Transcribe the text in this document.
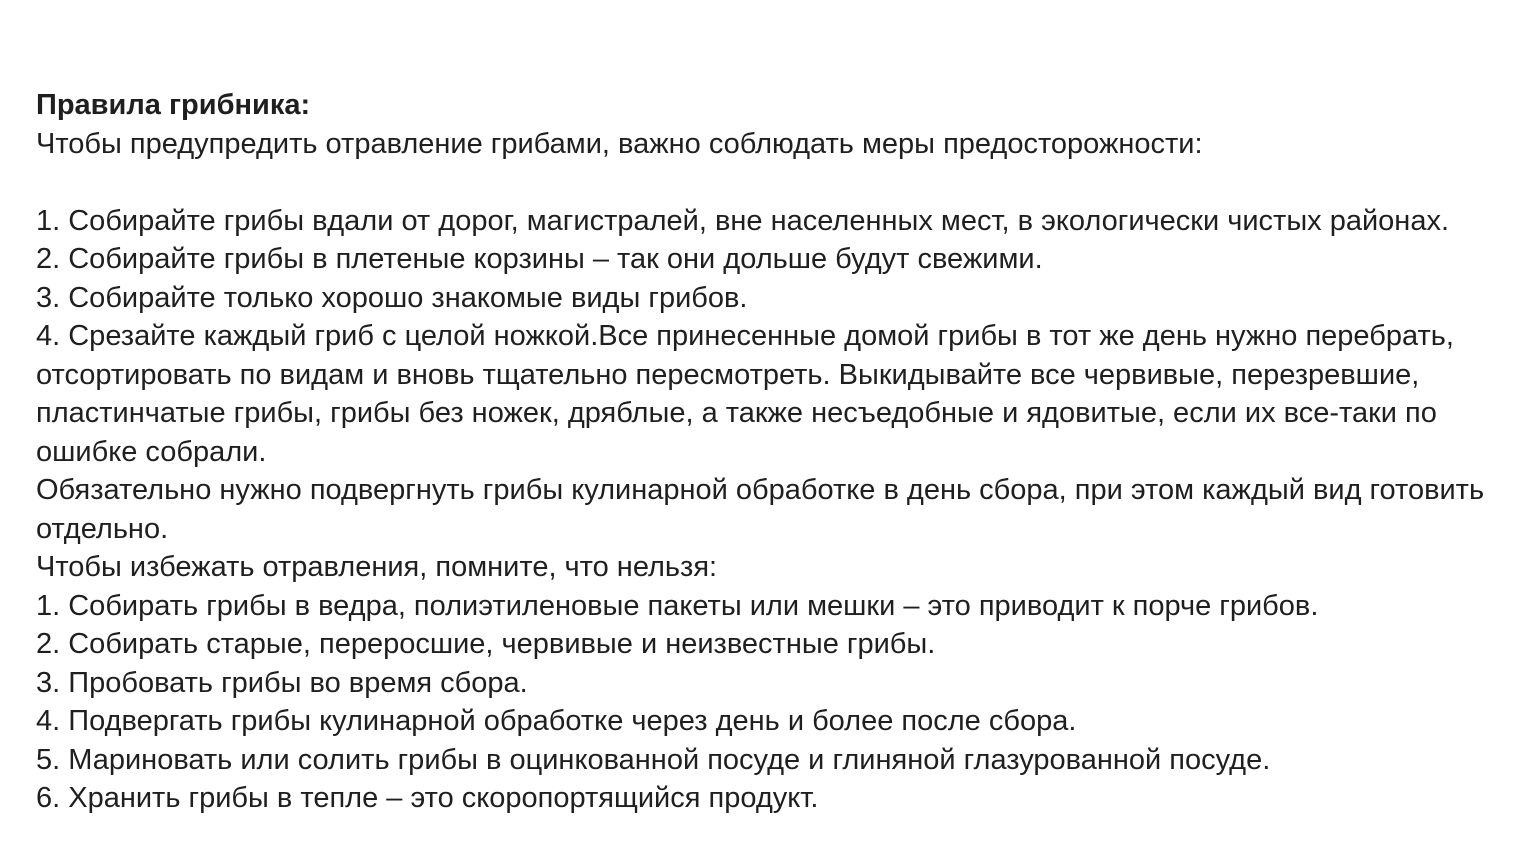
Правила грибника:

Чтобы предупредить отравление грибами, важно соблюдать меры предосторожности:

1. Собирайте грибы вдали от дорог, магистралей, вне населенных мест, в экологически чистых районах.
2. Собирайте грибы в плетеные корзины – так они дольше будут свежими.
3. Собирайте только хорошо знакомые виды грибов.
4. Срезайте каждый гриб с целой ножкой.Все принесенные домой грибы в тот же день нужно перебрать, отсортировать по видам и вновь тщательно пересмотреть. Выкидывайте все червивые, перезревшие, пластинчатые грибы, грибы без ножек, дряблые, а также несъедобные и ядовитые, если их все-таки по ошибке собрали.

Обязательно нужно подвергнуть грибы кулинарной обработке в день сбора, при этом каждый вид готовить отдельно.

Чтобы избежать отравления, помните, что нельзя:

1. Собирать грибы в ведра, полиэтиленовые пакеты или мешки – это приводит к порче грибов.
2. Собирать старые, переросшие, червивые и неизвестные грибы.
3. Пробовать грибы во время сбора.
4. Подвергать грибы кулинарной обработке через день и более после сбора.
5. Мариновать или солить грибы в оцинкованной посуде и глиняной глазурованной посуде.
6. Хранить грибы в тепле – это скоропортящийся продукт.
